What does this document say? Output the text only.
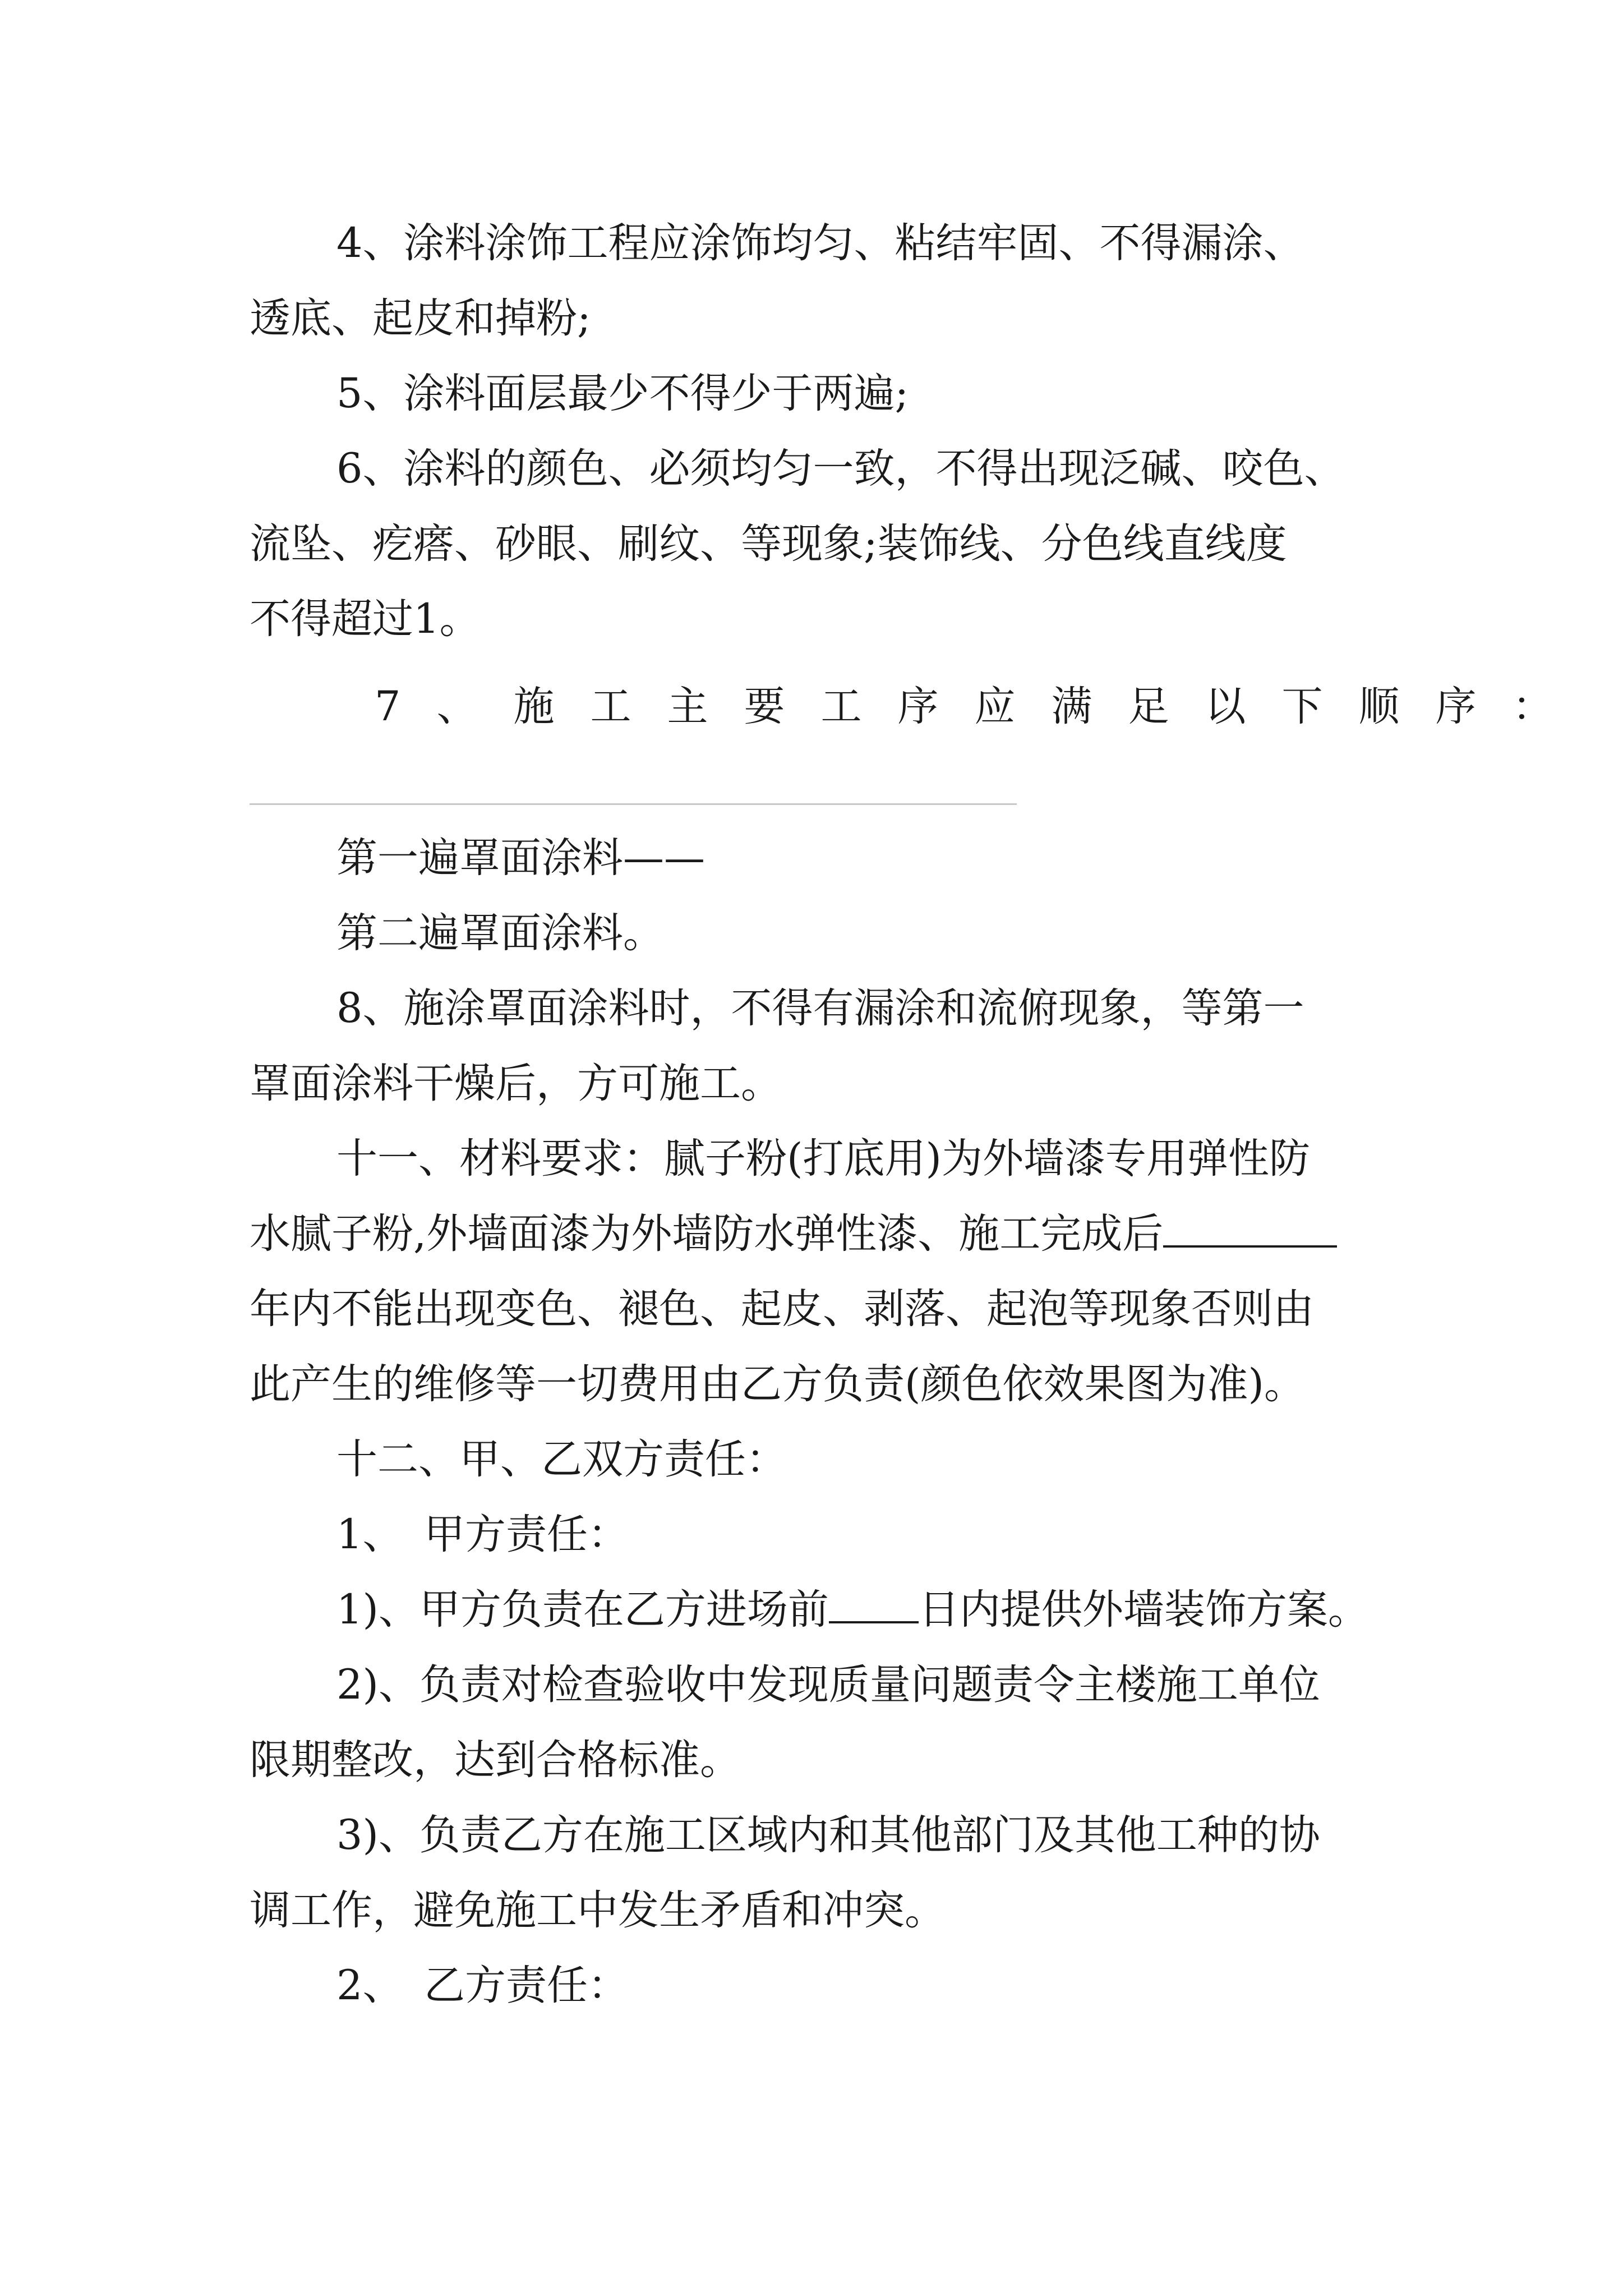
4、涂料涂饰工程应涂饰均匀、粘结牢固、不得漏涂、
透底、起皮和掉粉;
5、涂料面层最少不得少于两遍;
6、涂料的颜色、必须均匀一致，不得出现泛碱、咬色、
流坠、疙瘩、砂眼、刷纹、等现象;装饰线、分色线直线度
不得超过1。
7、施工主要工序应满足以下顺序：
第一遍罩面涂料——
第二遍罩面涂料。
8、施涂罩面涂料时，不得有漏涂和流俯现象，等第一
罩面涂料干燥后，方可施工。
十一、材料要求：腻子粉(打底用)为外墙漆专用弹性防
水腻子粉,外墙面漆为外墙防水弹性漆、施工完成后
年内不能出现变色、褪色、起皮、剥落、起泡等现象否则由
此产生的维修等一切费用由乙方负责(颜色依效果图为准)。
十二、甲、乙双方责任：
1、　甲方责任：
1)、甲方负责在乙方进场前 日内提供外墙装饰方案。
2)、负责对检查验收中发现质量问题责令主楼施工单位
限期整改，达到合格标准。
3)、负责乙方在施工区域内和其他部门及其他工种的协
调工作，避免施工中发生矛盾和冲突。
2、　乙方责任：
